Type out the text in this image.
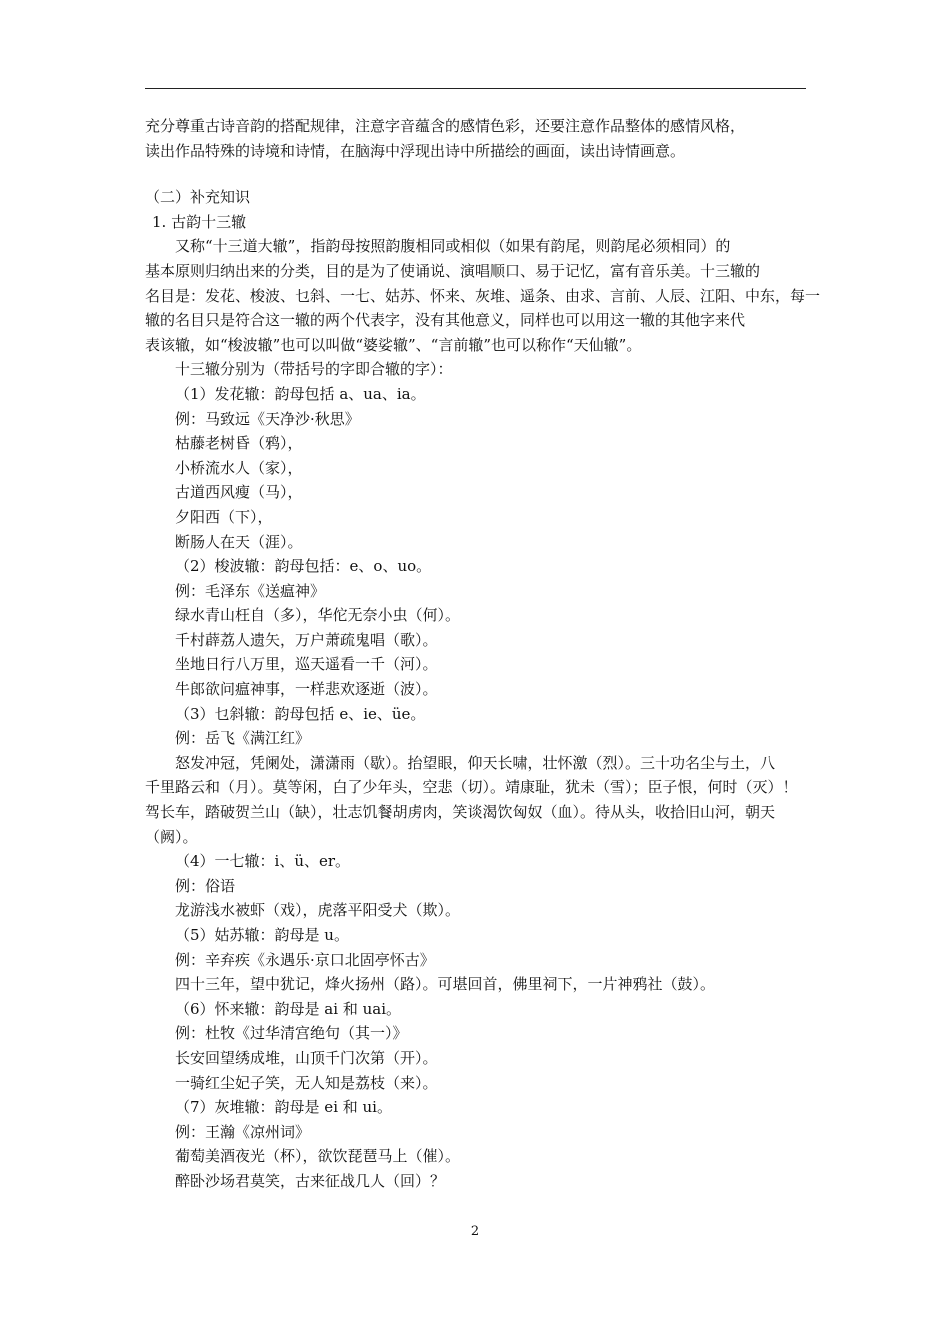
充分尊重古诗音韵的搭配规律，注意字音蕴含的感情色彩，还要注意作品整体的感情风格，

读出作品特殊的诗境和诗情，在脑海中浮现出诗中所描绘的画面，读出诗情画意。

（二）补充知识

1. 古韵十三辙

又称“十三道大辙”，指韵母按照韵腹相同或相似（如果有韵尾，则韵尾必须相同）的

基本原则归纳出来的分类，目的是为了使诵说、演唱顺口、易于记忆，富有音乐美。十三辙的

名目是：发花、梭波、乜斜、一七、姑苏、怀来、灰堆、遥条、由求、言前、人辰、江阳、中东，每一

辙的名目只是符合这一辙的两个代表字，没有其他意义，同样也可以用这一辙的其他字来代

表该辙，如“梭波辙”也可以叫做“婆娑辙”、“言前辙”也可以称作“天仙辙”。

十三辙分别为（带括号的字即合辙的字）：

（1）发花辙：韵母包括 a、ua、ia。

例：马致远《天净沙·秋思》

枯藤老树昏（鸦），

小桥流水人（家），

古道西风瘦（马），

夕阳西（下），

断肠人在天（涯）。

（2）梭波辙：韵母包括：e、o、uo。

例：毛泽东《送瘟神》

绿水青山枉自（多），华佗无奈小虫（何）。

千村薜荔人遗矢，万户萧疏鬼唱（歌）。

坐地日行八万里，巡天遥看一千（河）。

牛郎欲问瘟神事，一样悲欢逐逝（波）。

（3）乜斜辙：韵母包括 e、ie、üe。

例：岳飞《满江红》

怒发冲冠，凭阑处，潇潇雨（歇）。抬望眼，仰天长啸，壮怀激（烈）。三十功名尘与土，八

千里路云和（月）。莫等闲，白了少年头，空悲（切）。靖康耻，犹未（雪）；臣子恨，何时（灭）！

驾长车，踏破贺兰山（缺），壮志饥餐胡虏肉，笑谈渴饮匈奴（血）。待从头，收拾旧山河，朝天

（阙）。

（4）一七辙：i、ü、er。

例：俗语

龙游浅水被虾（戏），虎落平阳受犬（欺）。

（5）姑苏辙：韵母是 u。

例：辛弃疾《永遇乐·京口北固亭怀古》

四十三年，望中犹记，烽火扬州（路）。可堪回首，佛里祠下，一片神鸦社（鼓）。

（6）怀来辙：韵母是 ai 和 uai。

例：杜牧《过华清宫绝句（其一）》

长安回望绣成堆，山顶千门次第（开）。

一骑红尘妃子笑，无人知是荔枝（来）。

（7）灰堆辙：韵母是 ei 和 ui。

例：王瀚《凉州词》

葡萄美酒夜光（杯），欲饮琵琶马上（催）。

醉卧沙场君莫笑，古来征战几人（回）？

2
